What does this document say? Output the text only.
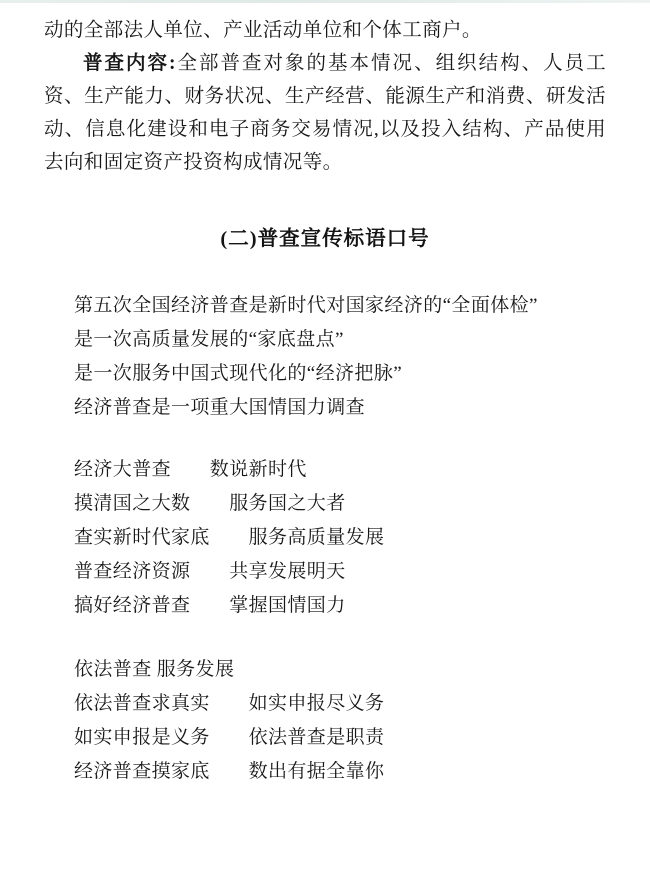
动的全部法人单位、产业活动单位和个体工商户。

普查内容:全部普查对象的基本情况、组织结构、人员工资、生产能力、财务状况、生产经营、能源生产和消费、研发活动、信息化建设和电子商务交易情况,以及投入结构、产品使用去向和固定资产投资构成情况等。

(二)普查宣传标语口号
第五次全国经济普查是新时代对国家经济的“全面体检”
是一次高质量发展的“家底盘点”
是一次服务中国式现代化的“经济把脉”
经济普查是一项重大国情国力调查
经济大普查　　数说新时代
摸清国之大数　　服务国之大者
查实新时代家底　　服务高质量发展
普查经济资源　　共享发展明天
搞好经济普查　　掌握国情国力
依法普查 服务发展
依法普查求真实　　如实申报尽义务
如实申报是义务　　依法普查是职责
经济普查摸家底　　数出有据全靠你
